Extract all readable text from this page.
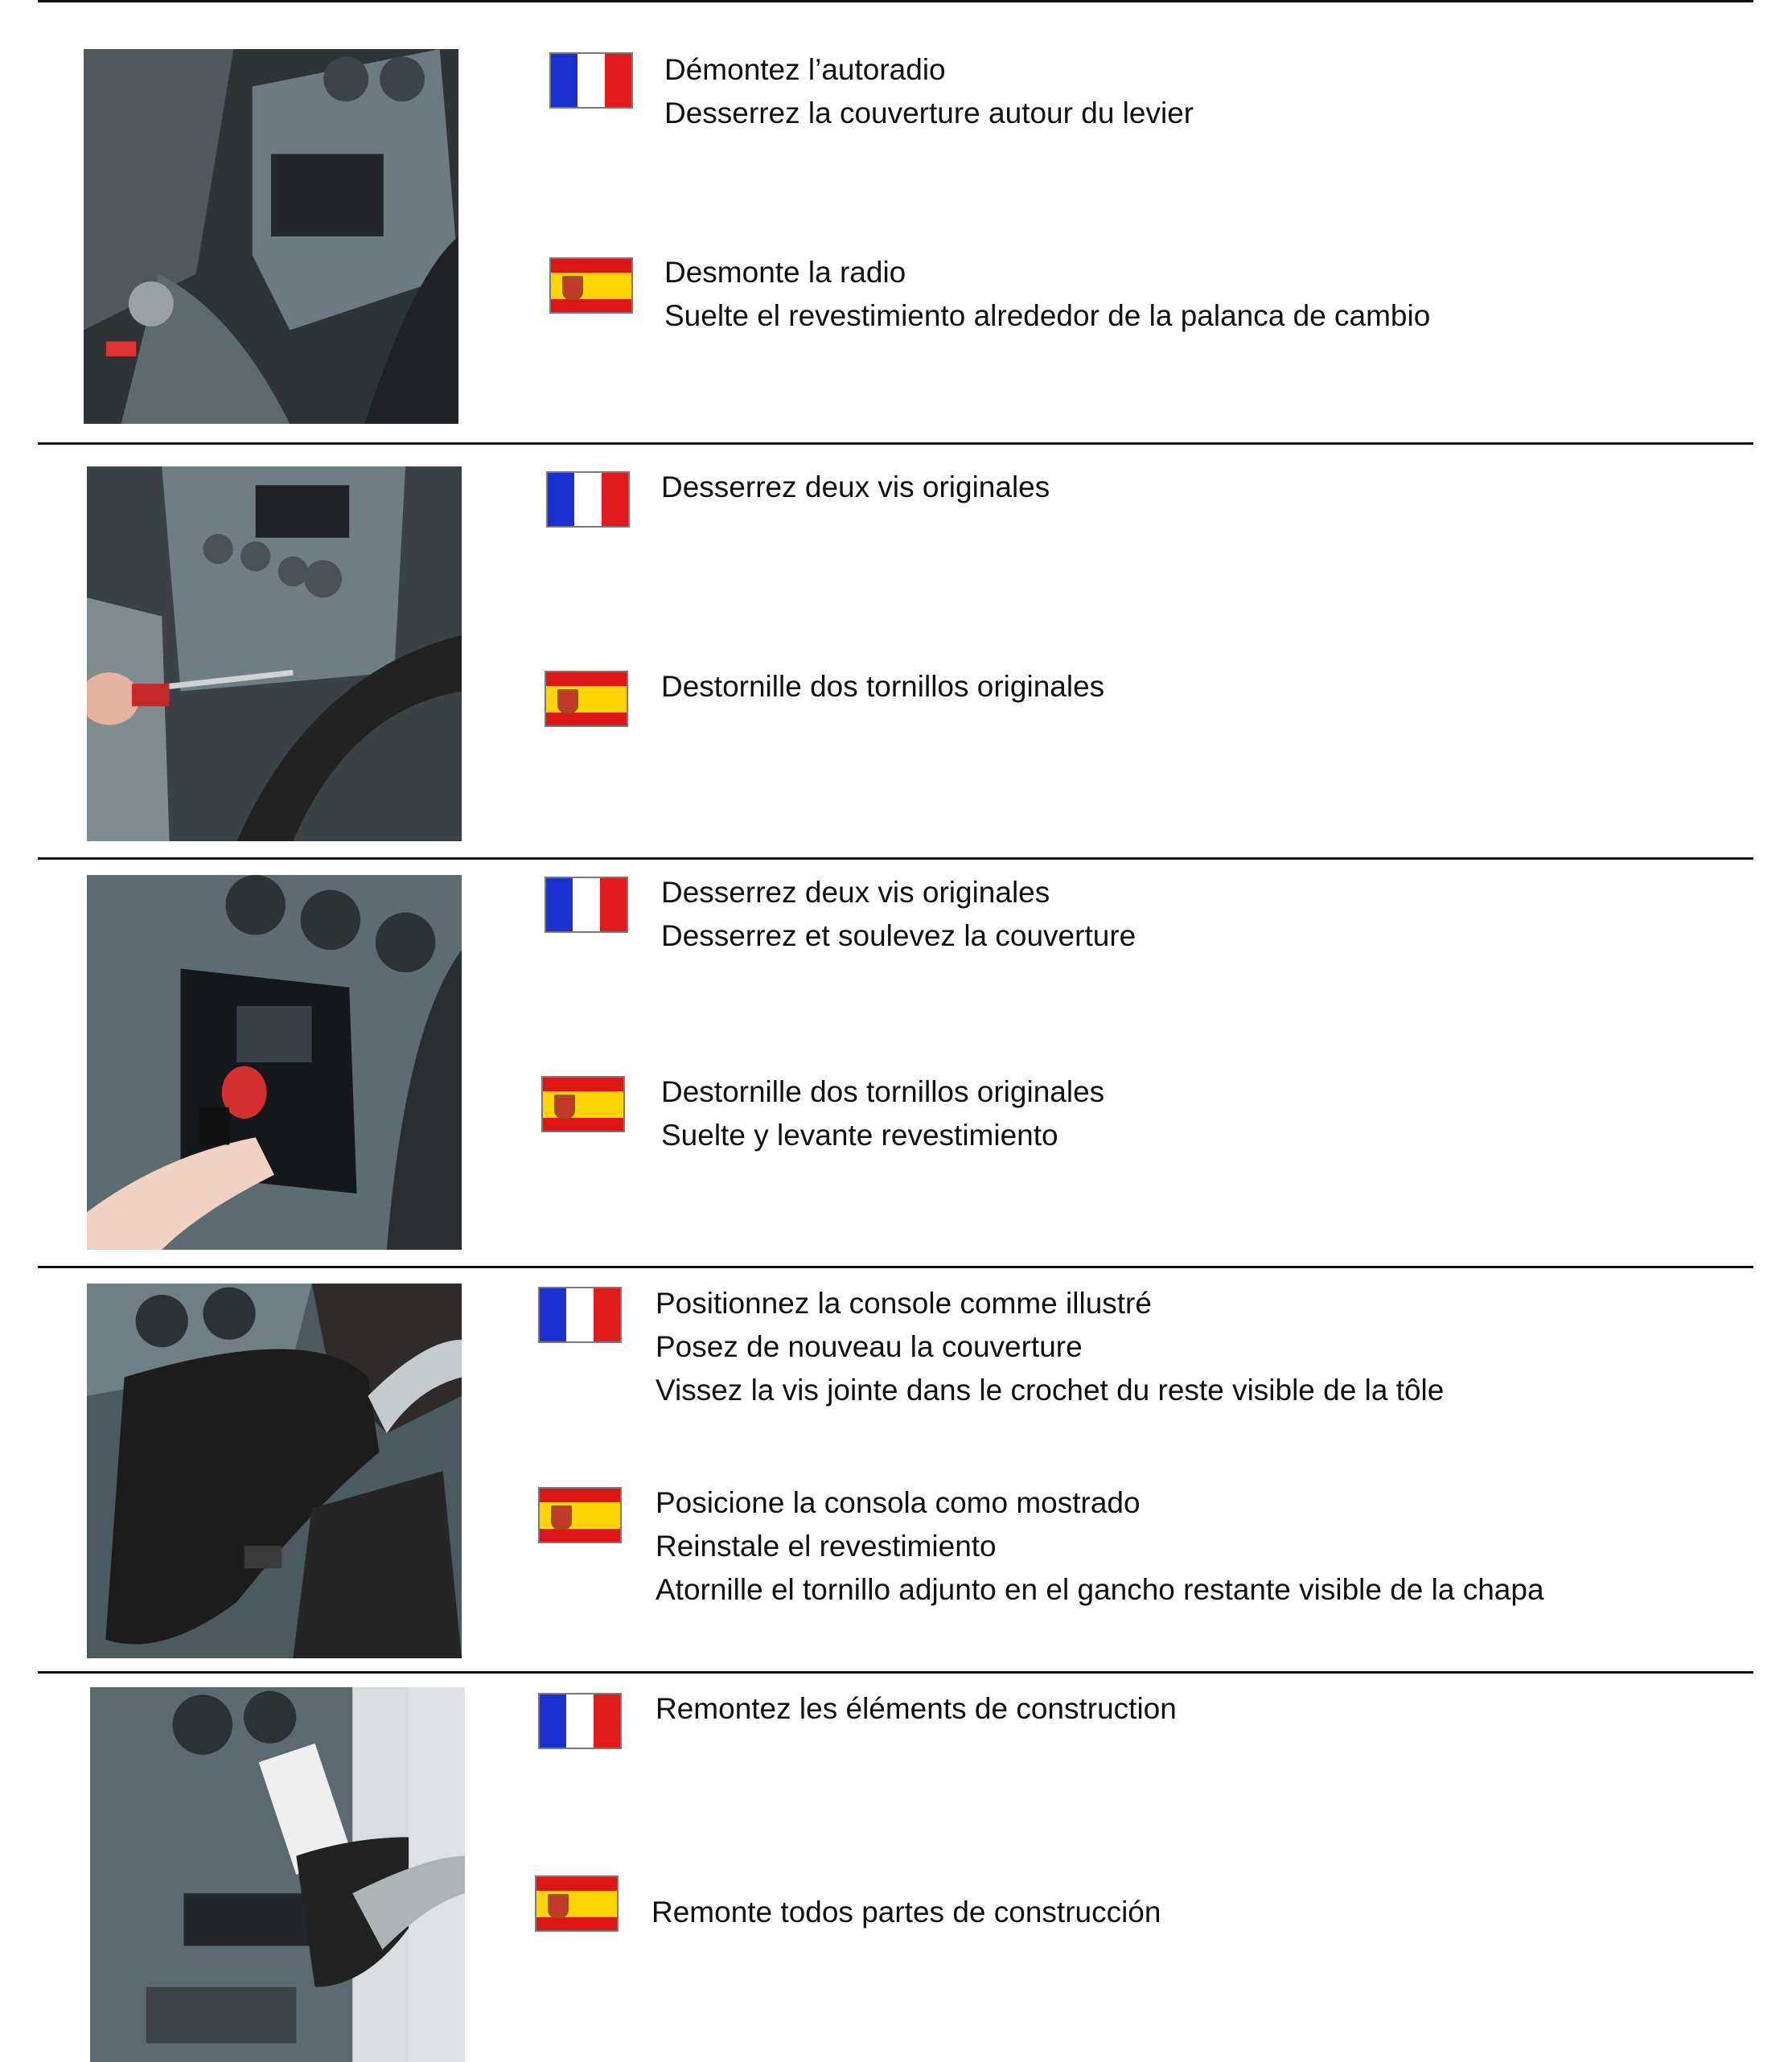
Démontez l’autoradio
Desserrez la couverture autour du levier
Desmonte la radio
Suelte el revestimiento alrededor de la palanca de cambio
Desserrez deux vis originales
Destornille dos tornillos originales
Desserrez deux vis originales
Desserrez et soulevez la couverture
Destornille dos tornillos originales
Suelte y levante revestimiento
Positionnez la console comme illustré
Posez de nouveau la couverture
Vissez la vis jointe dans le crochet du reste visible de la tôle
Posicione la consola como mostrado
Reinstale el revestimiento
Atornille el tornillo adjunto en el gancho restante visible de la chapa
Remontez les éléments de construction
Remonte todos partes de construcción
